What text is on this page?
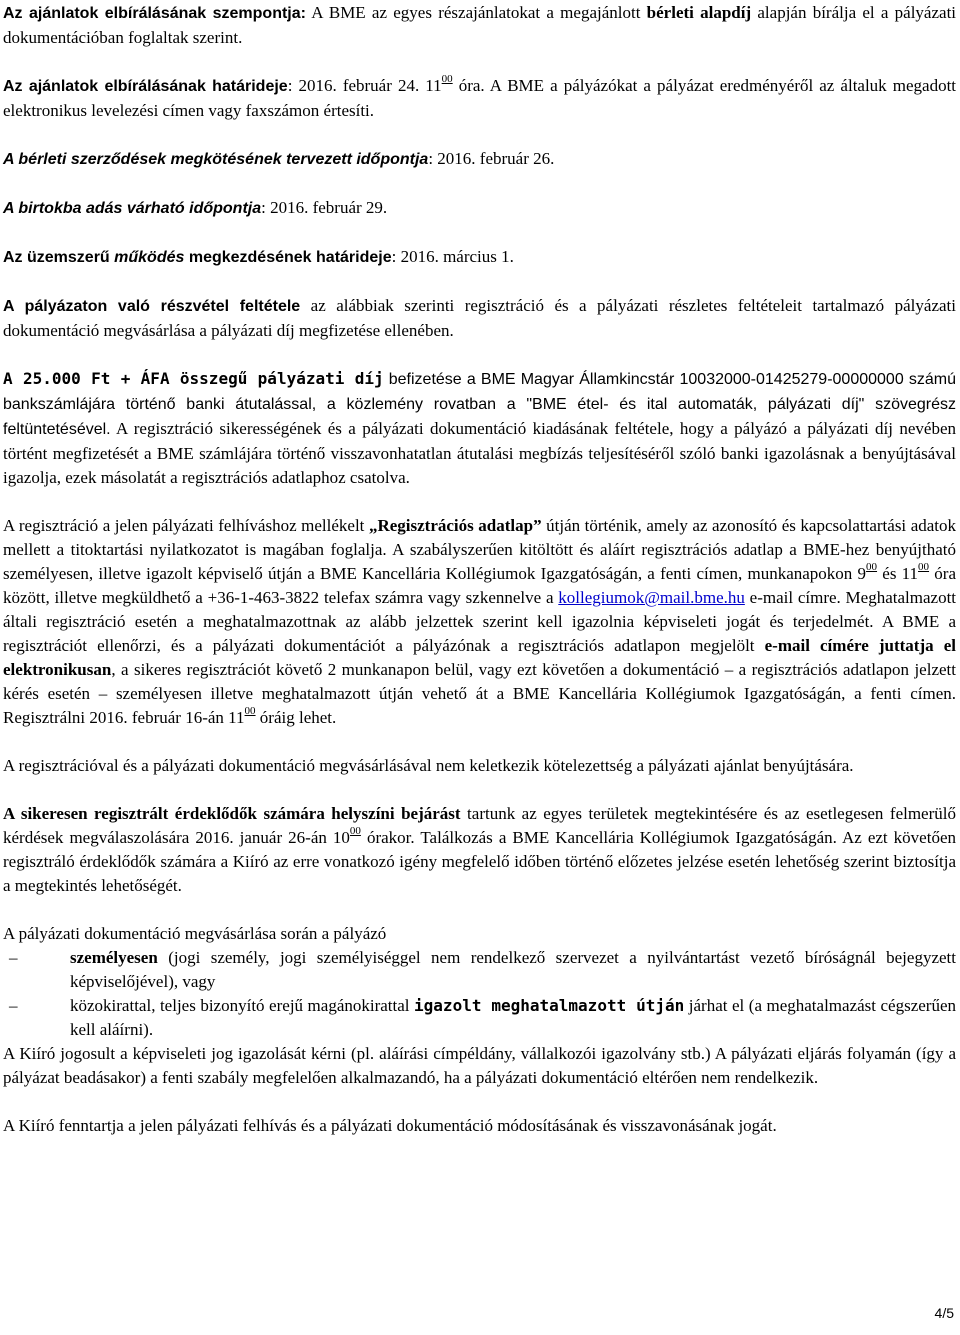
Az ajánlatok elbírálásának szempontja: A BME az egyes részajánlatokat a megajánlott bérleti alapdíj alapján bírálja el a pályázati dokumentációban foglaltak szerint.

Az ajánlatok elbírálásának határideje: 2016. február 24. $11^{00}$ óra. A BME a pályázókat a pályázat eredményéről az általuk megadott elektronikus levelezési címen vagy faxszámon értesíti.

A bérleti szerződések megkötésének tervezett időpontja: 2016. február 26.

A birtokba adás várható időpontja: 2016. február 29.

Az üzemszerű működés megkezdésének határideje: 2016. március 1.

A pályázaton való részvétel feltétele az alábbiak szerinti regisztráció és a pályázati részletes feltételeit tartalmazó pályázati dokumentáció megvásárlása a pályázati díj megfizetése ellenében.

A 25.000 Ft + ÁFA összegű pályázati díj befizetése a BME Magyar Államkincstár 10032000-01425279-00000000 számú bankszámlájára történő banki átutalással, a közlemény rovatban a "BME étel- és ital automaták, pályázati díj" szövegrész feltüntetésével. A regisztráció sikerességének és a pályázati dokumentáció kiadásának feltétele, hogy a pályázó a pályázati díj nevében történt megfizetését a BME számlájára történő visszavonhatatlan átutalási megbízás teljesítéséről szóló banki igazolásnak a benyújtásával igazolja, ezek másolatát a regisztrációs adatlaphoz csatolva.

A regisztráció a jelen pályázati felhíváshoz mellékelt „Regisztrációs adatlap” útján történik, amely az azonosító és kapcsolattartási adatok mellett a titoktartási nyilatkozatot is magában foglalja. A szabályszerűen kitöltött és aláírt regisztrációs adatlap a BME-hez benyújtható személyesen, illetve igazolt képviselő útján a BME Kancellária Kollégiumok Igazgatóságán, a fenti címen, munkanapokon $9^{00}$ és $11^{00}$ óra között, illetve megküldhető a +36-1-463-3822 telefax számra vagy szkennelve a kollegiumok@mail.bme.hu e-mail címre. Meghatalmazott általi regisztráció esetén a meghatalmazottnak az alább jelzettek szerint kell igazolnia képviseleti jogát és terjedelmét. A BME a regisztrációt ellenőrzi, és a pályázati dokumentációt a pályázónak a regisztrációs adatlapon megjelölt e-mail címére juttatja el elektronikusan, a sikeres regisztrációt követő 2 munkanapon belül, vagy ezt követően a dokumentáció ‒ a regisztrációs adatlapon jelzett kérés esetén ‒ személyesen illetve meghatalmazott útján vehető át a BME Kancellária Kollégiumok Igazgatóságán, a fenti címen. Regisztrálni 2016. február 16-án $11^{00}$ óráig lehet.

A regisztrációval és a pályázati dokumentáció megvásárlásával nem keletkezik kötelezettség a pályázati ajánlat benyújtására.

A sikeresen regisztrált érdeklődők számára helyszíni bejárást tartunk az egyes területek megtekintésére és az esetlegesen felmerülő kérdések megválaszolására 2016. január 26-án $10^{00}$ órakor. Találkozás a BME Kancellária Kollégiumok Igazgatóságán. Az ezt követően regisztráló érdeklődők számára a Kiíró az erre vonatkozó igény megfelelő időben történő előzetes jelzése esetén lehetőség szerint biztosítja a megtekintés lehetőségét.

A pályázati dokumentáció megvásárlása során a pályázó

‒	személyesen (jogi személy, jogi személyiséggel nem rendelkező szervezet a nyilvántartást vezető bíróságnál bejegyzett képviselőjével), vagy
‒	közokirattal, teljes bizonyító erejű magánokirattal igazolt meghatalmazott útján járhat el (a meghatalmazást cégszerűen kell aláírni).

A Kiíró jogosult a képviseleti jog igazolását kérni (pl. aláírási címpéldány, vállalkozói igazolvány stb.) A pályázati eljárás folyamán (így a pályázat beadásakor) a fenti szabály megfelelően alkalmazandó, ha a pályázati dokumentáció eltérően nem rendelkezik.

A Kiíró fenntartja a jelen pályázati felhívás és a pályázati dokumentáció módosításának és visszavonásának jogát.

4/5
